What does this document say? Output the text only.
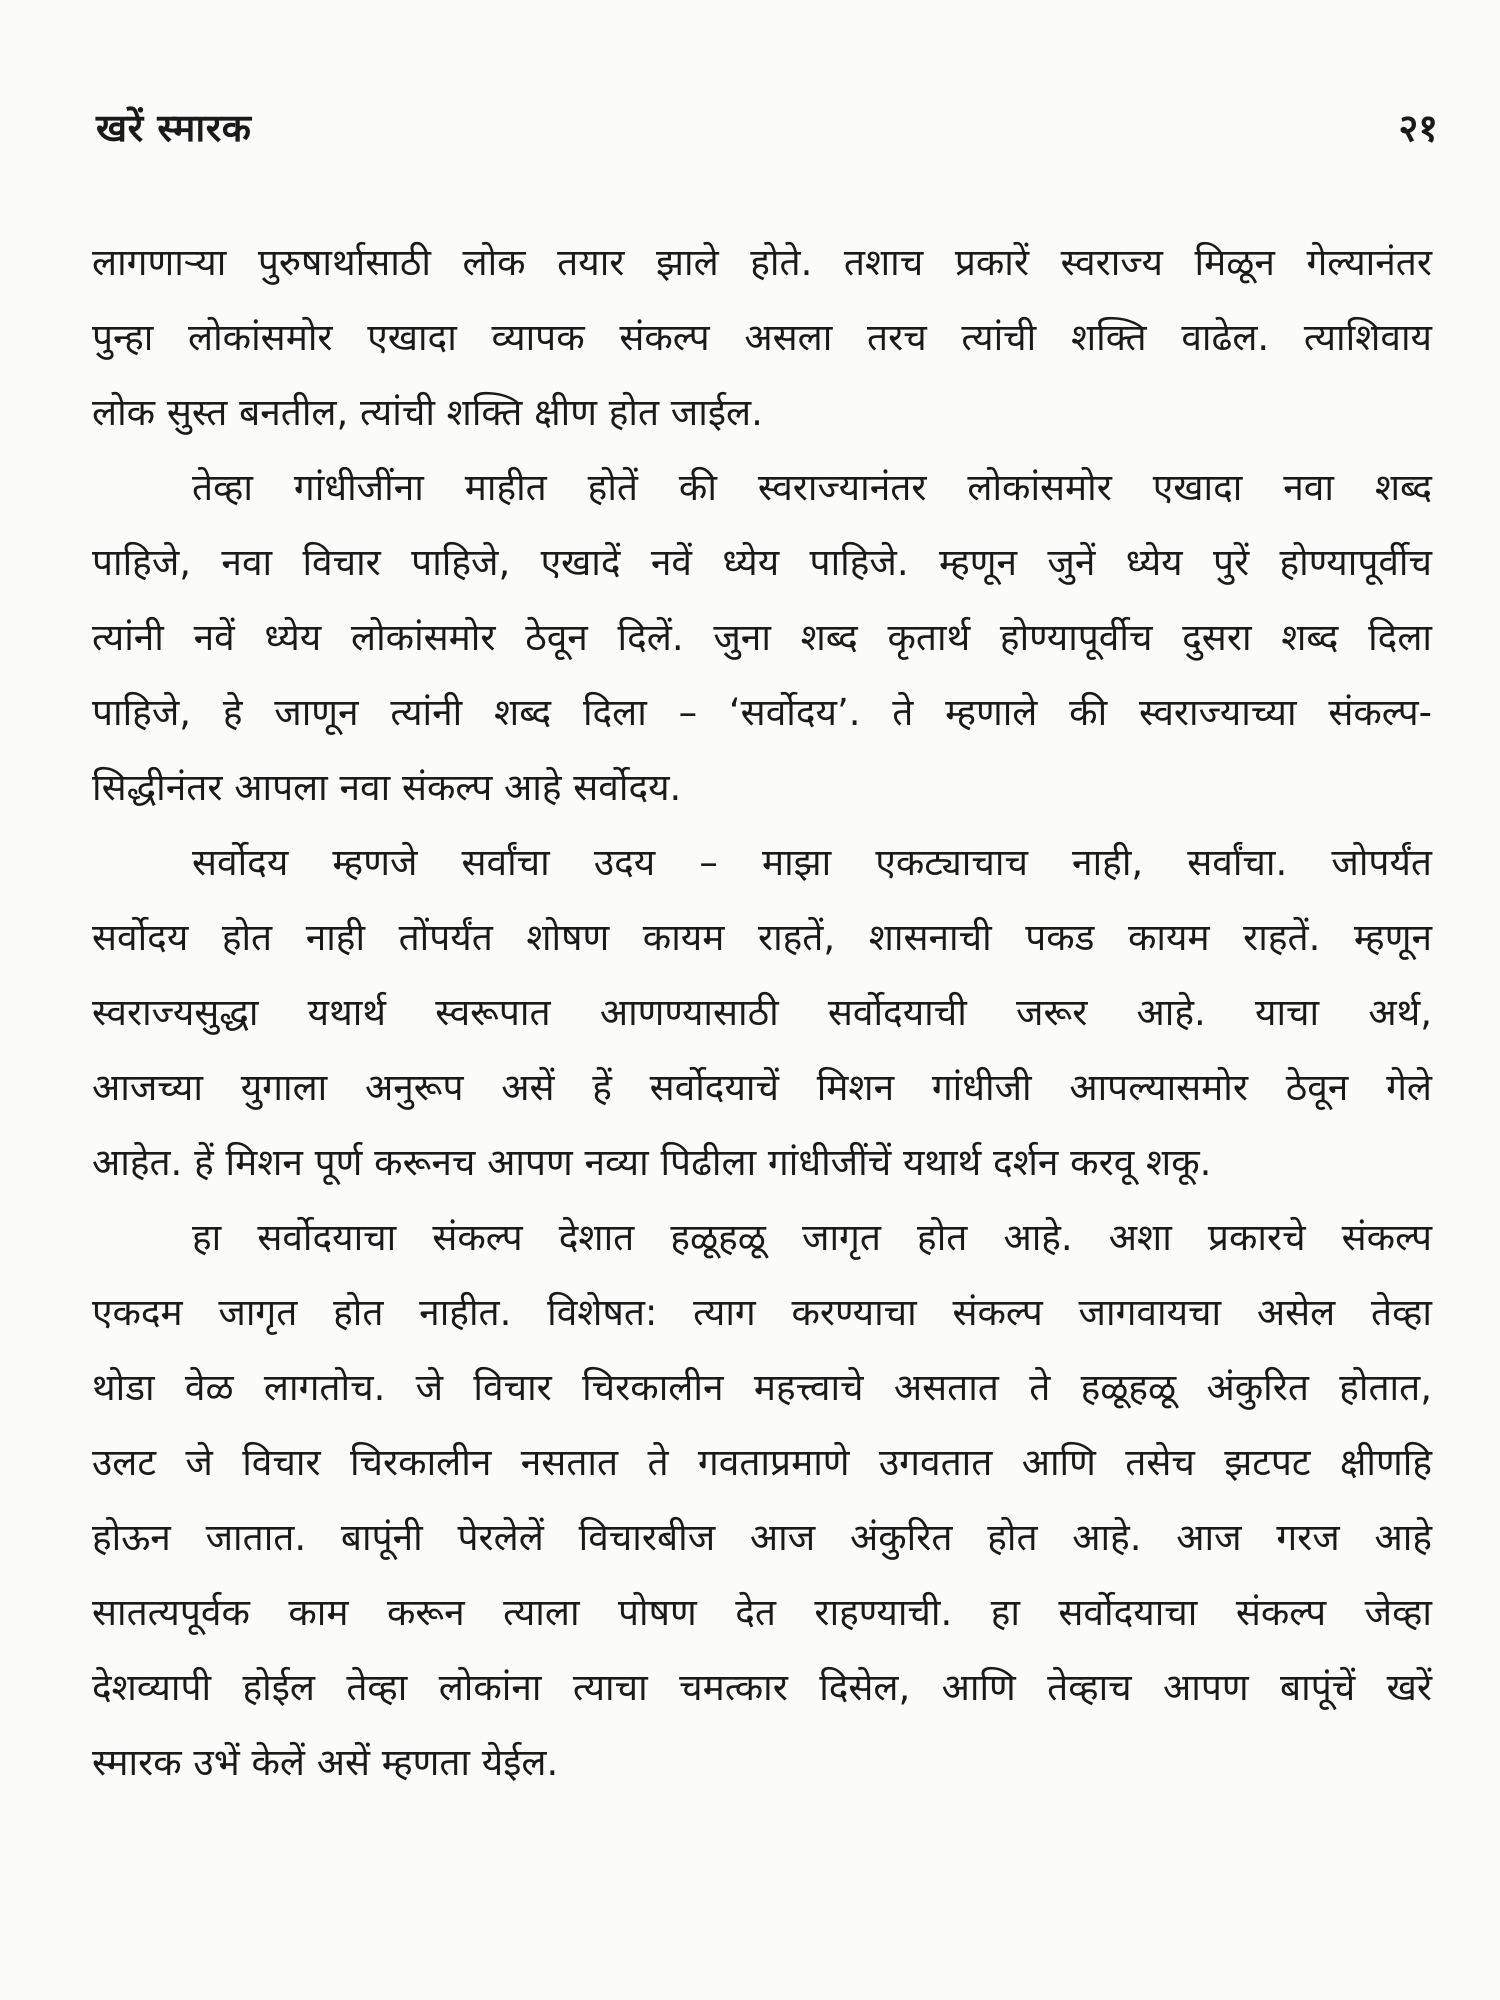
खरें स्मारक	२१
लागणाऱ्या पुरुषार्थासाठी लोक तयार झाले होते. तशाच प्रकारें स्वराज्य मिळून गेल्यानंतर
पुन्हा लोकांसमोर एखादा व्यापक संकल्प असला तरच त्यांची शक्ति वाढेल. त्याशिवाय
लोक सुस्त बनतील, त्यांची शक्ति क्षीण होत जाईल.
तेव्हा गांधीजींना माहीत होतें की स्वराज्यानंतर लोकांसमोर एखादा नवा शब्द
पाहिजे, नवा विचार पाहिजे, एखादें नवें ध्येय पाहिजे. म्हणून जुनें ध्येय पुरें होण्यापूर्वीच
त्यांनी नवें ध्येय लोकांसमोर ठेवून दिलें. जुना शब्द कृतार्थ होण्यापूर्वीच दुसरा शब्द दिला
पाहिजे, हे जाणून त्यांनी शब्द दिला – ‘सर्वोदय’. ते म्हणाले की स्वराज्याच्या संकल्प-
सिद्धीनंतर आपला नवा संकल्प आहे सर्वोदय.
सर्वोदय म्हणजे सर्वांचा उदय – माझा एकट्याचाच नाही, सर्वांचा. जोपर्यंत
सर्वोदय होत नाही तोंपर्यंत शोषण कायम राहतें, शासनाची पकड कायम राहतें. म्हणून
स्वराज्यसुद्धा यथार्थ स्वरूपात आणण्यासाठी सर्वोदयाची जरूर आहे. याचा अर्थ,
आजच्या युगाला अनुरूप असें हें सर्वोदयाचें मिशन गांधीजी आपल्यासमोर ठेवून गेले
आहेत. हें मिशन पूर्ण करूनच आपण नव्या पिढीला गांधीजींचें यथार्थ दर्शन करवू शकू.
हा सर्वोदयाचा संकल्प देशात हळूहळू जागृत होत आहे. अशा प्रकारचे संकल्प
एकदम जागृत होत नाहीत. विशेषत: त्याग करण्याचा संकल्प जागवायचा असेल तेव्हा
थोडा वेळ लागतोच. जे विचार चिरकालीन महत्त्वाचे असतात ते हळूहळू अंकुरित होतात,
उलट जे विचार चिरकालीन नसतात ते गवताप्रमाणे उगवतात आणि तसेच झटपट क्षीणहि
होऊन जातात. बापूंनी पेरलेलें विचारबीज आज अंकुरित होत आहे. आज गरज आहे
सातत्यपूर्वक काम करून त्याला पोषण देत राहण्याची. हा सर्वोदयाचा संकल्प जेव्हा
देशव्यापी होईल तेव्हा लोकांना त्याचा चमत्कार दिसेल, आणि तेव्हाच आपण बापूंचें खरें
स्मारक उभें केलें असें म्हणता येईल.
